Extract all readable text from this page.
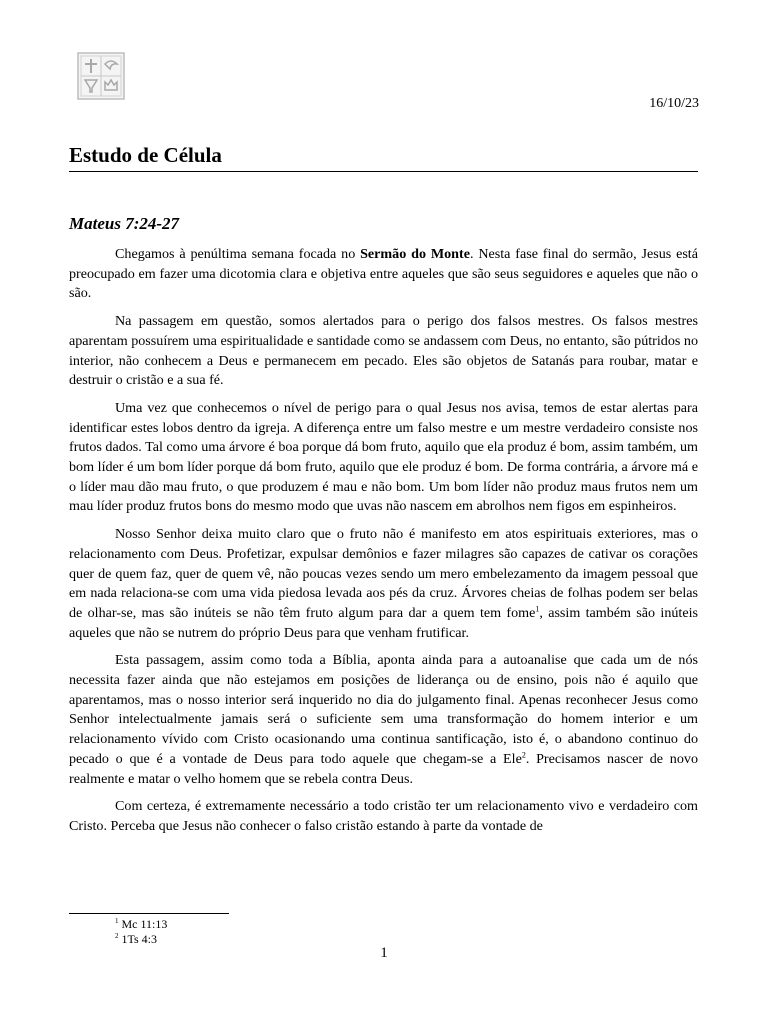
16/10/23
Estudo de Célula
Mateus 7:24-27

Chegamos à penúltima semana focada no Sermão do Monte. Nesta fase final do sermão, Jesus está preocupado em fazer uma dicotomia clara e objetiva entre aqueles que são seus seguidores e aqueles que não o são.

Na passagem em questão, somos alertados para o perigo dos falsos mestres. Os falsos mestres aparentam possuírem uma espiritualidade e santidade como se andassem com Deus, no entanto, são pútridos no interior, não conhecem a Deus e permanecem em pecado. Eles são objetos de Satanás para roubar, matar e destruir o cristão e a sua fé.

Uma vez que conhecemos o nível de perigo para o qual Jesus nos avisa, temos de estar alertas para identificar estes lobos dentro da igreja. A diferença entre um falso mestre e um mestre verdadeiro consiste nos frutos dados. Tal como uma árvore é boa porque dá bom fruto, aquilo que ela produz é bom, assim também, um bom líder é um bom líder porque dá bom fruto, aquilo que ele produz é bom. De forma contrária, a árvore má e o líder mau dão mau fruto, o que produzem é mau e não bom. Um bom líder não produz maus frutos nem um mau líder produz frutos bons do mesmo modo que uvas não nascem em abrolhos nem figos em espinheiros.

Nosso Senhor deixa muito claro que o fruto não é manifesto em atos espirituais exteriores, mas o relacionamento com Deus. Profetizar, expulsar demônios e fazer milagres são capazes de cativar os corações quer de quem faz, quer de quem vê, não poucas vezes sendo um mero embelezamento da imagem pessoal que em nada relaciona-se com uma vida piedosa levada aos pés da cruz. Árvores cheias de folhas podem ser belas de olhar-se, mas são inúteis se não têm fruto algum para dar a quem tem fome$^1$, assim também são inúteis aqueles que não se nutrem do próprio Deus para que venham frutificar.

Esta passagem, assim como toda a Bíblia, aponta ainda para a autoanalise que cada um de nós necessita fazer ainda que não estejamos em posições de liderança ou de ensino, pois não é aquilo que aparentamos, mas o nosso interior será inquerido no dia do julgamento final. Apenas reconhecer Jesus como Senhor intelectualmente jamais será o suficiente sem uma transformação do homem interior e um relacionamento vívido com Cristo ocasionando uma continua santificação, isto é, o abandono continuo do pecado o que é a vontade de Deus para todo aquele que chegam-se a Ele$^2$. Precisamos nascer de novo realmente e matar o velho homem que se rebela contra Deus.

Com certeza, é extremamente necessário a todo cristão ter um relacionamento vivo e verdadeiro com Cristo. Perceba que Jesus não conhecer o falso cristão estando à parte da vontade de

$^1$ Mc 11:13
$^2$ 1Ts 4:3
1
